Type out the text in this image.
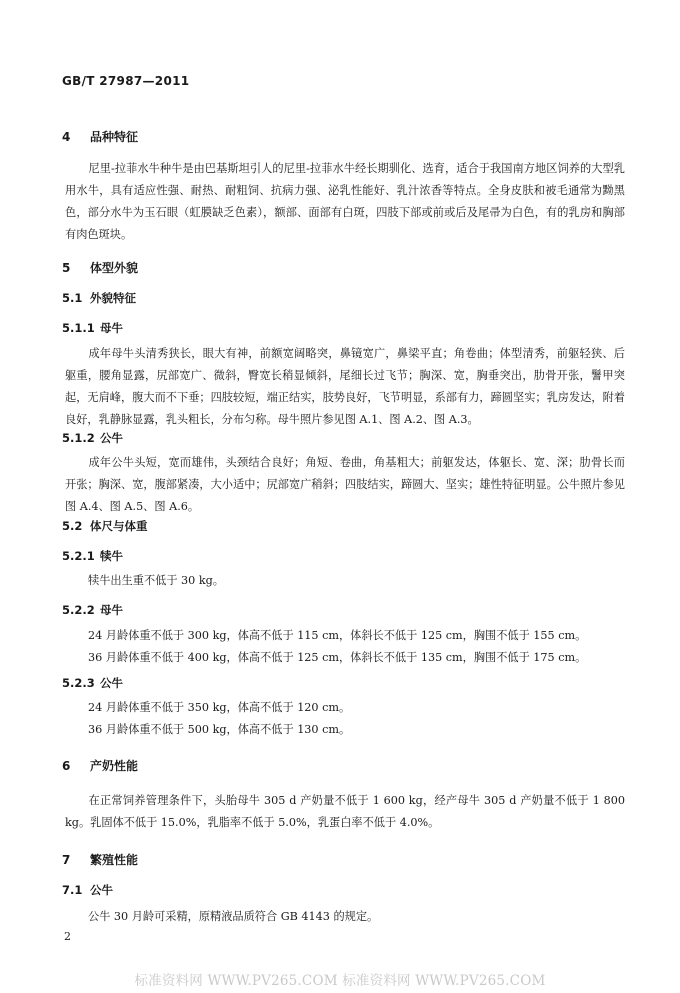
GB/T 27987—2011
4 品种特征
尼里-拉菲水牛种牛是由巴基斯坦引人的尼里-拉菲水牛经长期驯化、选育，适合于我国南方地区饲养的大型乳用水牛，具有适应性强、耐热、耐粗饲、抗病力强、泌乳性能好、乳汁浓香等特点。全身皮肤和被毛通常为黝黑色，部分水牛为玉石眼（虹膜缺乏色素），额部、面部有白斑，四肢下部或前或后及尾帚为白色，有的乳房和胸部有肉色斑块。
5 体型外貌
5.1 外貌特征
5.1.1 母牛
成年母牛头清秀狭长，眼大有神，前额宽阔略突，鼻镜宽广，鼻梁平直；角卷曲；体型清秀，前躯轻狭、后躯重，腰角显露，尻部宽广、微斜，臀宽长稍显倾斜，尾细长过飞节；胸深、宽，胸垂突出，肋骨开张，鬐甲突起，无肩峰，腹大而不下垂；四肢较短，端正结实，肢势良好，飞节明显，系部有力，蹄圆坚实；乳房发达，附着良好，乳静脉显露，乳头粗长，分布匀称。母牛照片参见图 A.1、图 A.2、图 A.3。
5.1.2 公牛
成年公牛头短，宽而雄伟，头颈结合良好；角短、卷曲，角基粗大；前躯发达，体躯长、宽、深；肋骨长而开张；胸深、宽，腹部紧凑，大小适中；尻部宽广稍斜；四肢结实，蹄圆大、坚实；雄性特征明显。公牛照片参见图 A.4、图 A.5、图 A.6。
5.2 体尺与体重
5.2.1 犊牛
犊牛出生重不低于 30 kg。
5.2.2 母牛
24 月龄体重不低于 300 kg，体高不低于 115 cm，体斜长不低于 125 cm，胸围不低于 155 cm。
36 月龄体重不低于 400 kg，体高不低于 125 cm，体斜长不低于 135 cm，胸围不低于 175 cm。
5.2.3 公牛
24 月龄体重不低于 350 kg，体高不低于 120 cm。
36 月龄体重不低于 500 kg，体高不低于 130 cm。
6 产奶性能
在正常饲养管理条件下，头胎母牛 305 d 产奶量不低于 1 600 kg，经产母牛 305 d 产奶量不低于 1 800 kg。乳固体不低于 15.0%，乳脂率不低于 5.0%，乳蛋白率不低于 4.0%。
7 繁殖性能
7.1 公牛
公牛 30 月龄可采精，原精液品质符合 GB 4143 的规定。
2
标准资料网 WWW.PV265.COM 标准资料网 WWW.PV265.COM
